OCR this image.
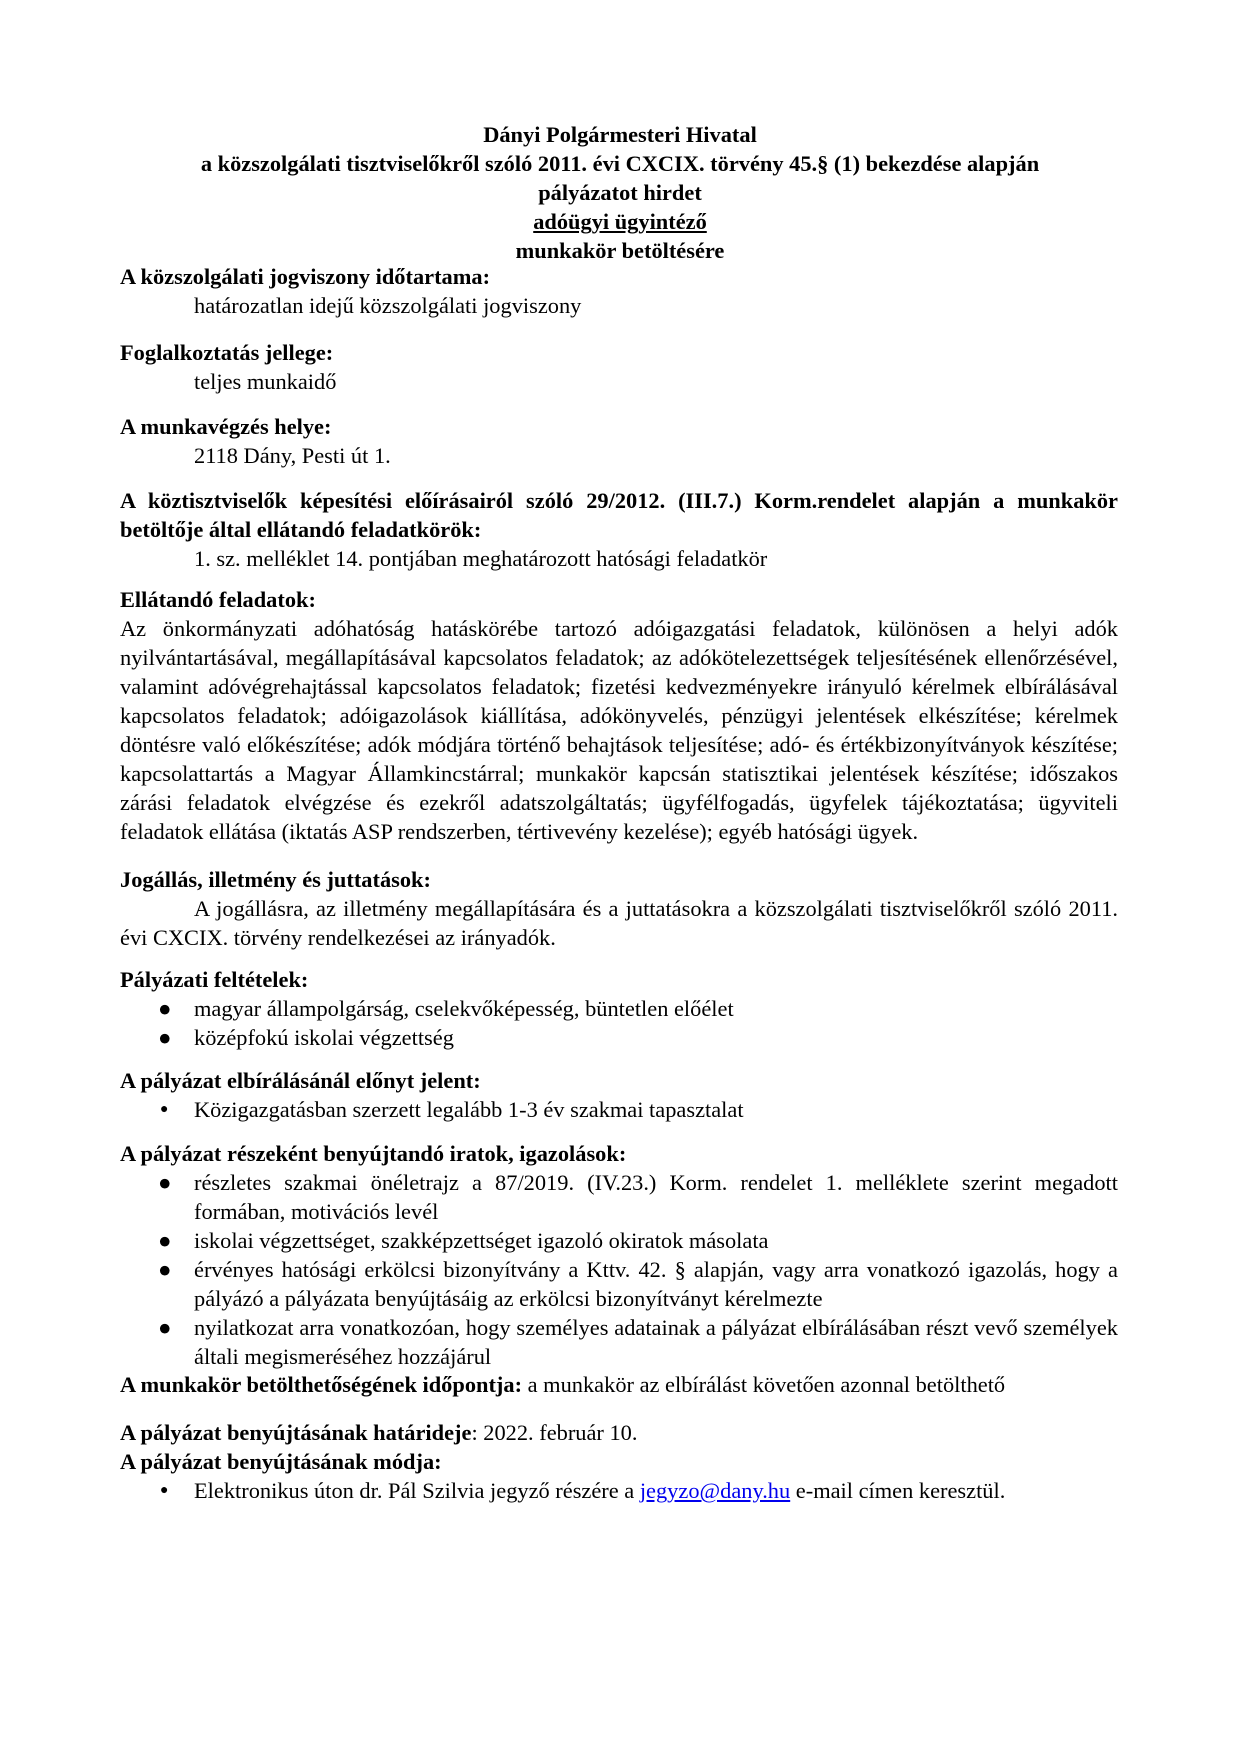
Dányi Polgármesteri Hivatal
a közszolgálati tisztviselőkről szóló 2011. évi CXCIX. törvény 45.§ (1) bekezdése alapján
pályázatot hirdet
adóügyi ügyintéző
munkakör betöltésére
A közszolgálati jogviszony időtartama:
határozatlan idejű közszolgálati jogviszony
Foglalkoztatás jellege:
teljes munkaidő
A munkavégzés helye:
2118 Dány, Pesti út 1.
A köztisztviselők képesítési előírásairól szóló 29/2012. (III.7.) Korm.rendelet alapján a munkakör betöltője által ellátandó feladatkörök:
1. sz. melléklet 14. pontjában meghatározott hatósági feladatkör
Ellátandó feladatok:
Az önkormányzati adóhatóság hatáskörébe tartozó adóigazgatási feladatok, különösen a helyi adók nyilvántartásával, megállapításával kapcsolatos feladatok; az adókötelezettségek teljesítésének ellenőrzésével, valamint adóvégrehajtással kapcsolatos feladatok; fizetési kedvezményekre irányuló kérelmek elbírálásával kapcsolatos feladatok; adóigazolások kiállítása, adókönyvelés, pénzügyi jelentések elkészítése; kérelmek döntésre való előkészítése; adók módjára történő behajtások teljesítése; adó- és értékbizonyítványok készítése; kapcsolattartás a Magyar Államkincstárral; munkakör kapcsán statisztikai jelentések készítése; időszakos zárási feladatok elvégzése és ezekről adatszolgáltatás; ügyfélfogadás, ügyfelek tájékoztatása; ügyviteli feladatok ellátása (iktatás ASP rendszerben, tértivevény kezelése); egyéb hatósági ügyek.
Jogállás, illetmény és juttatások:
A jogállásra, az illetmény megállapítására és a juttatásokra a közszolgálati tisztviselőkről szóló 2011. évi CXCIX. törvény rendelkezései az irányadók.
Pályázati feltételek:
● magyar állampolgárság, cselekvőképesség, büntetlen előélet
● középfokú iskolai végzettség
A pályázat elbírálásánál előnyt jelent:
● Közigazgatásban szerzett legalább 1-3 év szakmai tapasztalat
A pályázat részeként benyújtandó iratok, igazolások:
● részletes szakmai önéletrajz a 87/2019. (IV.23.) Korm. rendelet 1. melléklete szerint megadott formában, motivációs levél
● iskolai végzettséget, szakképzettséget igazoló okiratok másolata
● érvényes hatósági erkölcsi bizonyítvány a Kttv. 42. § alapján, vagy arra vonatkozó igazolás, hogy a pályázó a pályázata benyújtásáig az erkölcsi bizonyítványt kérelmezte
● nyilatkozat arra vonatkozóan, hogy személyes adatainak a pályázat elbírálásában részt vevő személyek általi megismeréséhez hozzájárul
A munkakör betölthetőségének időpontja: a munkakör az elbírálást követően azonnal betölthető
A pályázat benyújtásának határideje: 2022. február 10.
A pályázat benyújtásának módja:
● Elektronikus úton dr. Pál Szilvia jegyző részére a jegyzo@dany.hu e-mail címen keresztül.
